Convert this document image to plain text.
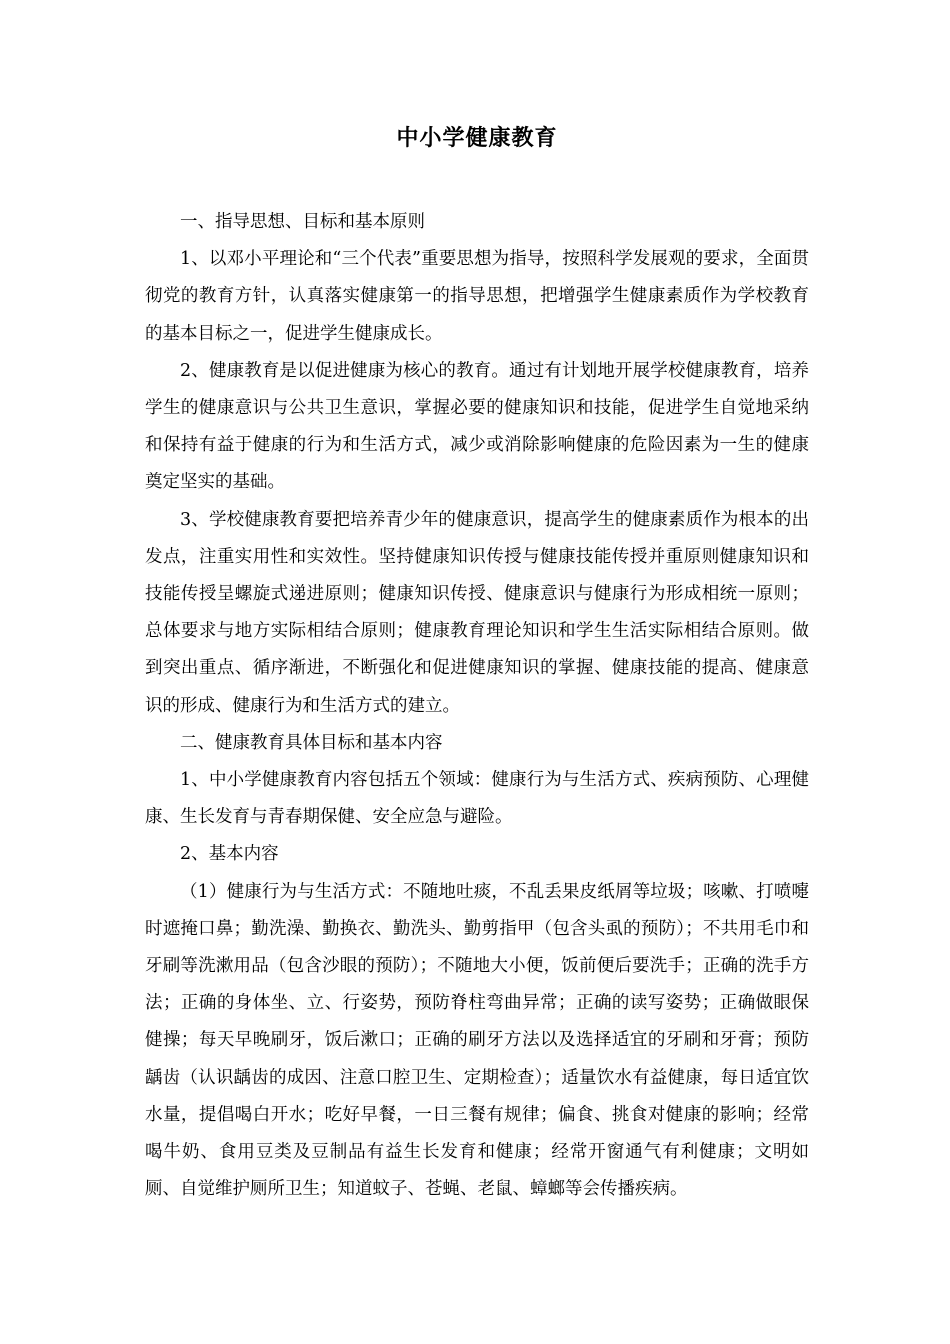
中小学健康教育

一、指导思想、目标和基本原则

1、以邓小平理论和“三个代表”重要思想为指导，按照科学发展观的要求，全面贯彻党的教育方针，认真落实健康第一的指导思想，把增强学生健康素质作为学校教育的基本目标之一，促进学生健康成长。

2、健康教育是以促进健康为核心的教育。通过有计划地开展学校健康教育，培养学生的健康意识与公共卫生意识，掌握必要的健康知识和技能，促进学生自觉地采纳和保持有益于健康的行为和生活方式，减少或消除影响健康的危险因素为一生的健康奠定坚实的基础。

3、学校健康教育要把培养青少年的健康意识，提高学生的健康素质作为根本的出发点，注重实用性和实效性。坚持健康知识传授与健康技能传授并重原则健康知识和技能传授呈螺旋式递进原则；健康知识传授、健康意识与健康行为形成相统一原则；总体要求与地方实际相结合原则；健康教育理论知识和学生生活实际相结合原则。做到突出重点、循序渐进，不断强化和促进健康知识的掌握、健康技能的提高、健康意识的形成、健康行为和生活方式的建立。

二、健康教育具体目标和基本内容

1、中小学健康教育内容包括五个领域：健康行为与生活方式、疾病预防、心理健康、生长发育与青春期保健、安全应急与避险。

2、基本内容

（1）健康行为与生活方式：不随地吐痰，不乱丢果皮纸屑等垃圾；咳嗽、打喷嚏时遮掩口鼻；勤洗澡、勤换衣、勤洗头、勤剪指甲（包含头虱的预防）；不共用毛巾和牙刷等洗漱用品（包含沙眼的预防）；不随地大小便，饭前便后要洗手；正确的洗手方法；正确的身体坐、立、行姿势，预防脊柱弯曲异常；正确的读写姿势；正确做眼保健操；每天早晚刷牙，饭后漱口；正确的刷牙方法以及选择适宜的牙刷和牙膏；预防龋齿（认识龋齿的成因、注意口腔卫生、定期检查）；适量饮水有益健康，每日适宜饮水量，提倡喝白开水；吃好早餐，一日三餐有规律；偏食、挑食对健康的影响；经常喝牛奶、食用豆类及豆制品有益生长发育和健康；经常开窗通气有利健康；文明如厕、自觉维护厕所卫生；知道蚊子、苍蝇、老鼠、蟑螂等会传播疾病。
